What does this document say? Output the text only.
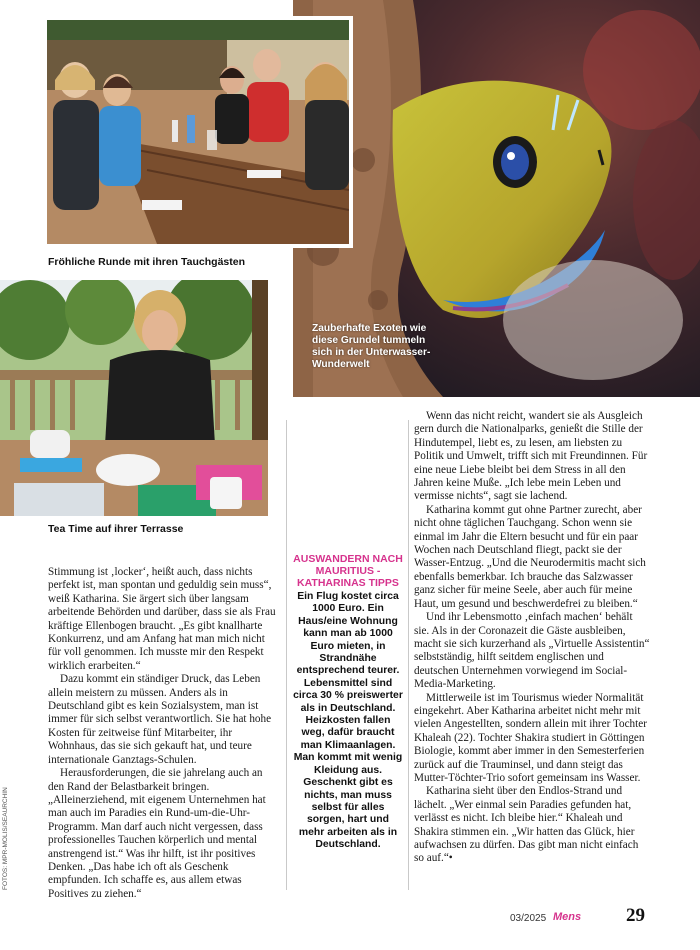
Fröhliche Runde mit ihren Tauchgästen
Zauberhafte Exoten wie diese Grundel tummeln sich in der Unterwasser-Wunderwelt
Tea Time auf ihrer Terrasse

Stimmung ist ‚locker‘, heißt auch, dass nichts perfekt ist, man spontan und geduldig sein muss“, weiß Katharina. Sie ärgert sich über langsam arbeitende Behörden und darüber, dass sie als Frau kräftige Ellenbogen braucht. „Es gibt knallharte Konkurrenz, und am Anfang hat man mich nicht für voll genommen. Ich musste mir den Respekt wirklich erarbeiten.“

Dazu kommt ein ständiger Druck, das Leben allein meistern zu müssen. Anders als in Deutschland gibt es kein Sozialsystem, man ist immer für sich selbst verantwortlich. Sie hat hohe Kosten für zeitweise fünf Mitarbeiter, ihr Wohnhaus, das sie sich gekauft hat, und teure internationale Ganztags-Schulen.

Herausforderungen, die sie jahrelang auch an den Rand der Belastbarkeit bringen. „Alleinerziehend, mit eigenem Unternehmen hat man auch im Paradies ein Rund-um-die-Uhr-Programm. Man darf auch nicht vergessen, dass professionelles Tauchen körperlich und mental anstrengend ist.“ Was ihr hilft, ist ihr positives Denken. „Das habe ich oft als Geschenk empfunden. Ich schaffe es, aus allem etwas Positives zu ziehen.“

AUSWANDERN NACH MAURITIUS - KATHARINAS TIPPS
Ein Flug kostet circa 1000 Euro. Ein Haus/eine Wohnung kann man ab 1000 Euro mieten, in Strandnähe entsprechend teurer. Lebensmittel sind circa 30 % preiswerter als in Deutschland. Heizkosten fallen weg, dafür braucht man Klimaanlagen. Man kommt mit wenig Kleidung aus. Geschenkt gibt es nichts, man muss selbst für alles sorgen, hart und mehr arbeiten als in Deutschland.

Wenn das nicht reicht, wandert sie als Ausgleich gern durch die Nationalparks, genießt die Stille der Hindutempel, liebt es, zu lesen, am liebsten zu Politik und Umwelt, trifft sich mit Freundinnen. Für eine neue Liebe bleibt bei dem Stress in all den Jahren keine Muße. „Ich lebe mein Leben und vermisse nichts“, sagt sie lachend.

Katharina kommt gut ohne Partner zurecht, aber nicht ohne täglichen Tauchgang. Schon wenn sie einmal im Jahr die Eltern besucht und für ein paar Wochen nach Deutschland fliegt, packt sie der Wasser-Entzug. „Und die Neurodermitis macht sich ebenfalls bemerkbar. Ich brauche das Salzwasser ganz sicher für meine Seele, aber auch für meine Haut, um gesund und beschwerdefrei zu bleiben.“

Und ihr Lebensmotto ‚einfach machen‘ behält sie. Als in der Coronazeit die Gäste ausbleiben, macht sie sich kurzerhand als „Virtuelle Assistentin“ selbstständig, hilft seitdem englischen und deutschen Unternehmen vorwiegend im Social-Media-Marketing.

Mittlerweile ist im Tourismus wieder Normalität eingekehrt. Aber Katharina arbeitet nicht mehr mit vielen Angestellten, sondern allein mit ihrer Tochter Khaleah (22). Tochter Shakira studiert in Göttingen Biologie, kommt aber immer in den Semesterferien zurück auf die Trauminsel, und dann steigt das Mutter-Töchter-Trio sofort gemeinsam ins Wasser.

Katharina sieht über den Endlos-Strand und lächelt. „Wer einmal sein Paradies gefunden hat, verlässt es nicht. Ich bleibe hier.“ Khaleah und Shakira stimmen ein. „Wir hatten das Glück, hier aufwachsen zu dürfen. Das gibt man nicht einfach so auf.“•

FOTOS: MPR-MOLIS/SEAURCHIN
03/2025 Mens 29
